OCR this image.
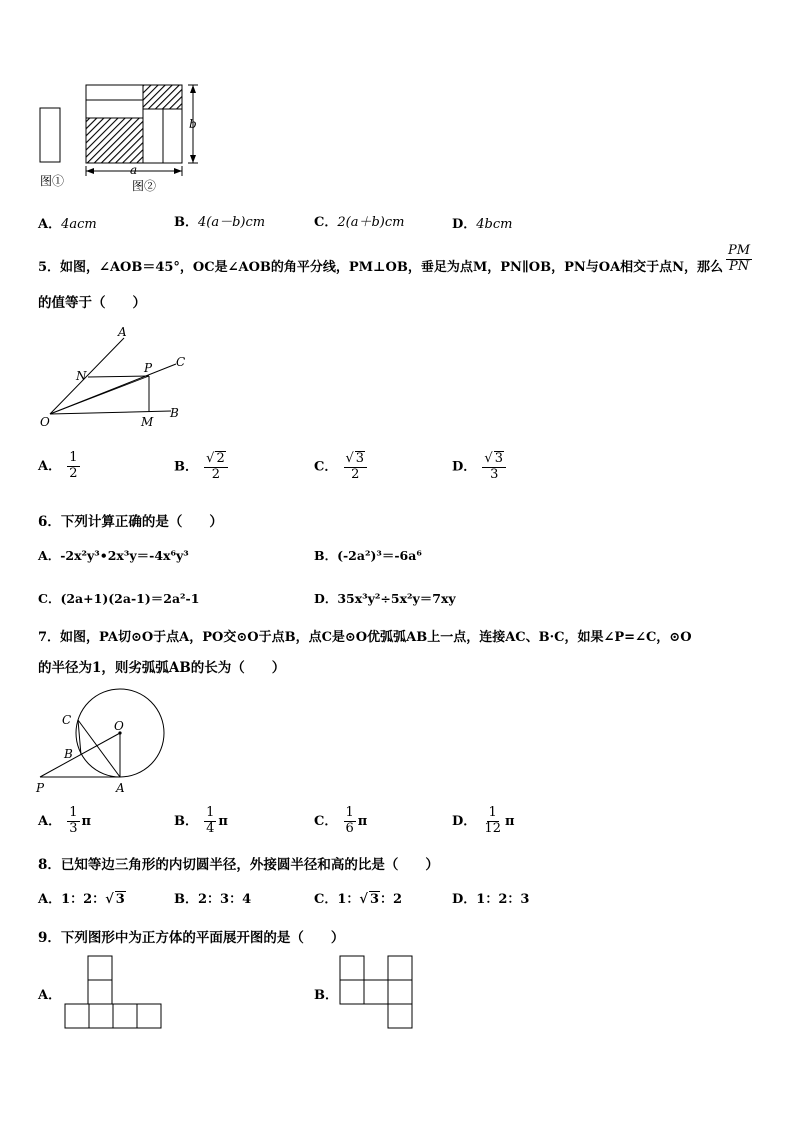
b
a
图①	图②
A．4acm	B．4(a－b)cm	C．2(a＋b)cm	D．4bcm
5．如图，∠AOB＝45°，OC是∠AOB的角平分线，PM⊥OB，垂足为点M，PN∥OB，PN与OA相交于点N，那么 $\frac{PM}{PN}$
的值等于（　　）
A
C
N
P
O	M
B
A． $\frac{1}{2}$	B． $\frac{√ 2}{2}$	C． $\frac{√ 3}{2}$	D． $\frac{√ 3}{3}$
6．下列计算正确的是（　　）
A．-2x²y³•2x³y＝-4x⁶y³	B．(-2a²)³＝-6a⁶
C．(2a+1)(2a-1)＝2a²-1	D．35x³y²÷5x²y＝7xy
7．如图，PA切⊙O于点A，PO交⊙O于点B，点C是⊙O优弧弧AB上一点，连接AC、B·C，如果∠P=∠C，⊙O
的半径为1，则劣弧弧AB的长为（　　）
C	O
B
P	A
A． $\frac{1}{3}$ π	B． $\frac{1}{4}$ π	C． $\frac{1}{6}$ π	D． $\frac{1}{12}$ π
8．已知等边三角形的内切圆半径，外接圆半径和高的比是（　　）
A．1：2：√ 3	B．2：3：4	C．1：√ 3：2	D．1：2：3
9．下列图形中为正方体的平面展开图的是（　　）
A．	B．
